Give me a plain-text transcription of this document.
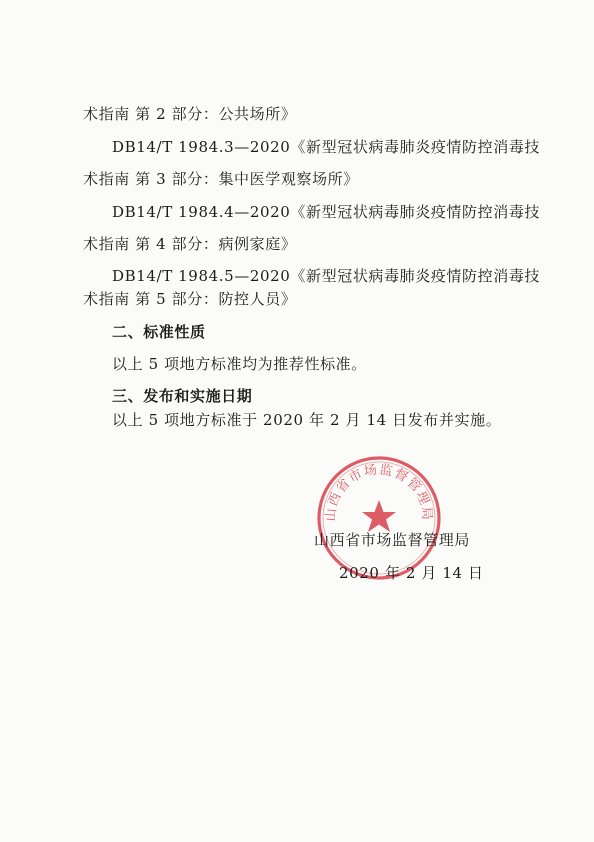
术指南 第 2 部分：公共场所》
DB14/T 1984.3—2020《新型冠状病毒肺炎疫情防控消毒技
术指南 第 3 部分：集中医学观察场所》
DB14/T 1984.4—2020《新型冠状病毒肺炎疫情防控消毒技
术指南 第 4 部分：病例家庭》
DB14/T 1984.5—2020《新型冠状病毒肺炎疫情防控消毒技
术指南 第 5 部分：防控人员》
二、标准性质
以上 5 项地方标准均为推荐性标准。
三、发布和实施日期
以上 5 项地方标准于 2020 年 2 月 14 日发布并实施。
山西省市场监督管理局
山西省市场监督管理局
2020 年 2 月 14 日
